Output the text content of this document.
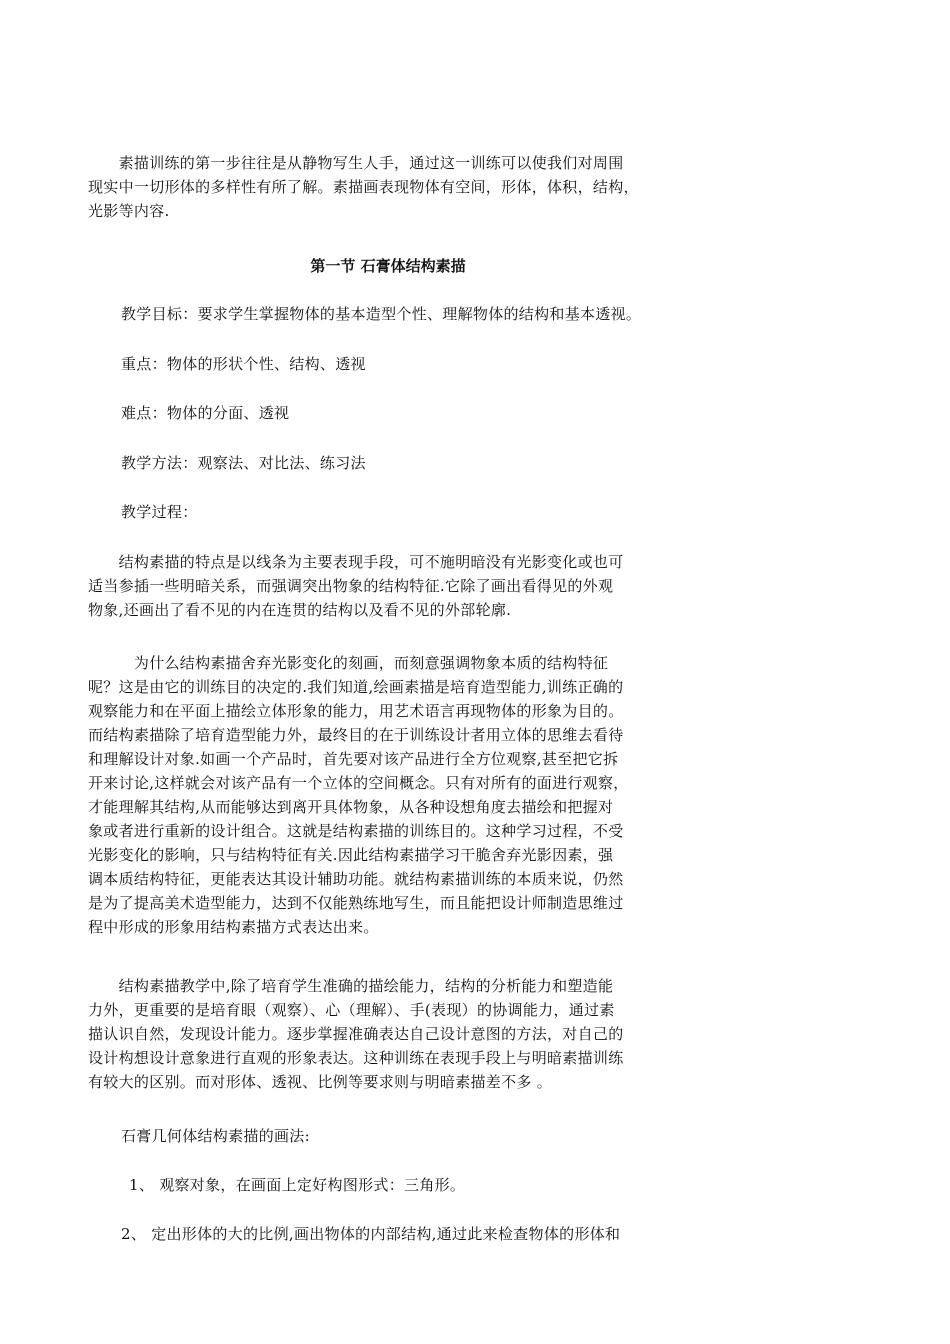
　　素描训练的第一步往往是从静物写生人手，通过这一训练可以使我们对周围
现实中一切形体的多样性有所了解。素描画表现物体有空间，形体，体积，结构，
光影等内容.

第一节 石膏体结构素描

教学目标：要求学生掌握物体的基本造型个性、理解物体的结构和基本透视。

重点：物体的形状个性、结构、透视

难点：物体的分面、透视

教学方法：观察法、对比法、练习法

教学过程：

　　结构素描的特点是以线条为主要表现手段，可不施明暗没有光影变化或也可
适当参插一些明暗关系，而强调突出物象的结构特征.它除了画出看得见的外观
物象,还画出了看不见的内在连贯的结构以及看不见的外部轮廓.

　　　为什么结构素描舍弃光影变化的刻画，而刻意强调物象本质的结构特征
呢？这是由它的训练目的决定的.我们知道,绘画素描是培育造型能力,训练正确的
观察能力和在平面上描绘立体形象的能力，用艺术语言再现物体的形象为目的。
而结构素描除了培育造型能力外，最终目的在于训练设计者用立体的思维去看待
和理解设计对象.如画一个产品时，首先要对该产品进行全方位观察,甚至把它拆
开来讨论,这样就会对该产品有一个立体的空间概念。只有对所有的面进行观察，
才能理解其结构,从而能够达到离开具体物象，从各种设想角度去描绘和把握对
象或者进行重新的设计组合。这就是结构素描的训练目的。这种学习过程，不受
光影变化的影响，只与结构特征有关.因此结构素描学习干脆舍弃光影因素，强
调本质结构特征，更能表达其设计辅助功能。就结构素描训练的本质来说，仍然
是为了提高美术造型能力，达到不仅能熟练地写生，而且能把设计师制造思维过
程中形成的形象用结构素描方式表达出来。

　　结构素描教学中,除了培育学生准确的描绘能力，结构的分析能力和塑造能
力外，更重要的是培育眼（观察）、心（理解）、手(表现）的协调能力，通过素
描认识自然，发现设计能力。逐步掌握准确表达自己设计意图的方法，对自己的
设计构想设计意象进行直观的形象表达。这种训练在表现手段上与明暗素描训练
有较大的区别。而对形体、透视、比例等要求则与明暗素描差不多 。

石膏几何体结构素描的画法:

1、 观察对象，在画面上定好构图形式：三角形。

2、 定出形体的大的比例,画出物体的内部结构,通过此来检查物体的形体和
